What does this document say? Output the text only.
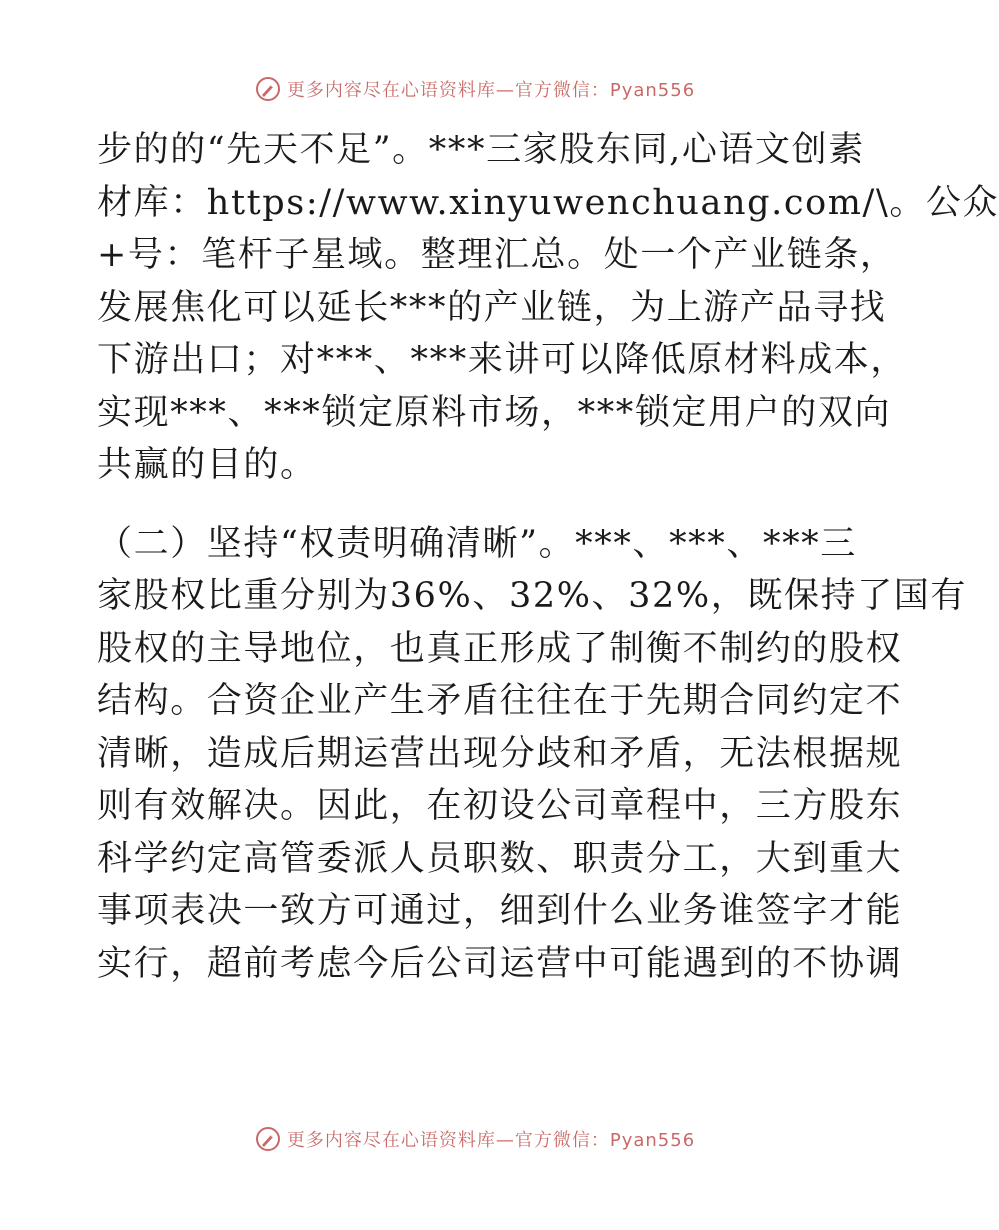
更多内容尽在心语资料库—官方微信：Pyan556
步的的“先天不足”。***三家股东同,心语文创素
材库：https://www.xinyuwenchuang.com/\。公众
+号：笔杆子星域。整理汇总。处一个产业链条，
发展焦化可以延长***的产业链，为上游产品寻找
下游出口；对***、***来讲可以降低原材料成本，
实现***、***锁定原料市场，***锁定用户的双向
共赢的目的。
（二）坚持“权责明确清晰”。***、***、***三
家股权比重分别为36%、32%、32%，既保持了国有
股权的主导地位，也真正形成了制衡不制约的股权
结构。合资企业产生矛盾往往在于先期合同约定不
清晰，造成后期运营出现分歧和矛盾，无法根据规
则有效解决。因此，在初设公司章程中，三方股东
科学约定高管委派人员职数、职责分工，大到重大
事项表决一致方可通过，细到什么业务谁签字才能
实行，超前考虑今后公司运营中可能遇到的不协调
更多内容尽在心语资料库—官方微信：Pyan556
